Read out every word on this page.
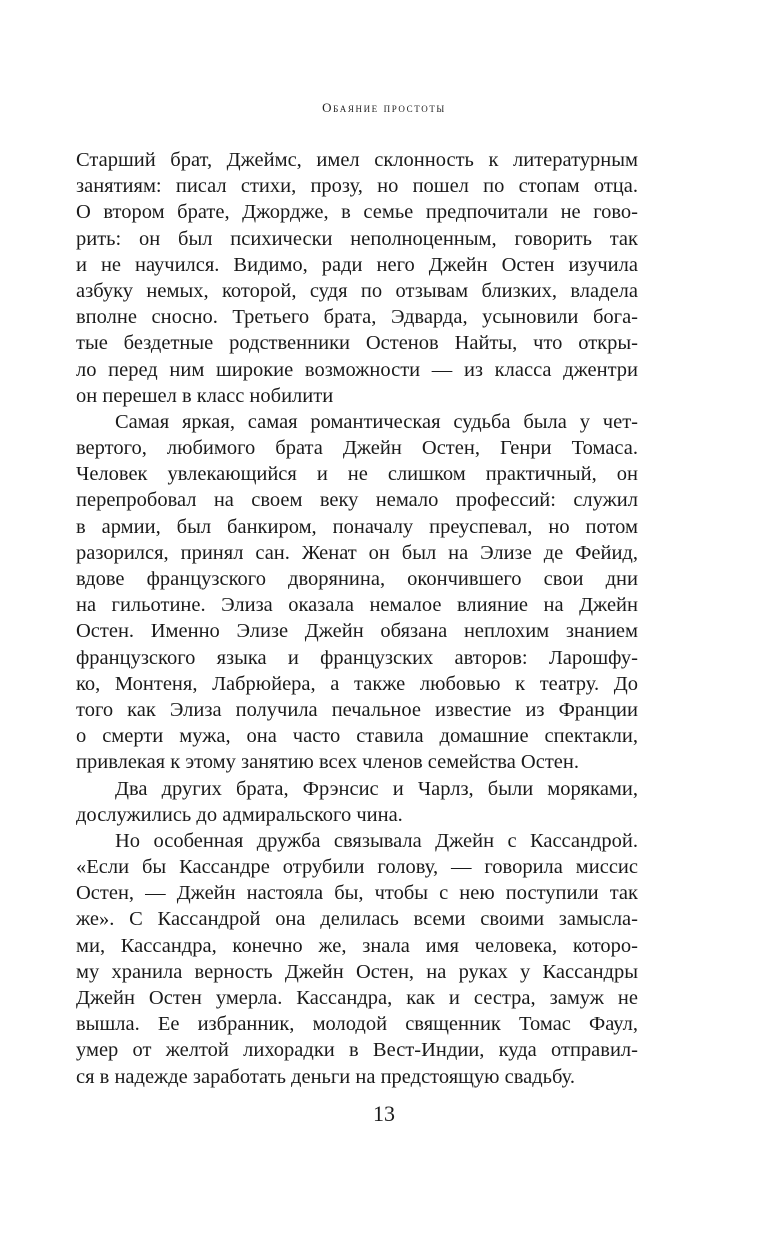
Обаяние простоты
Старший брат, Джеймс, имел склонность к литературным
занятиям: писал стихи, прозу, но пошел по стопам отца.
О втором брате, Джордже, в семье предпочитали не гово-
рить: он был психически неполноценным, говорить так
и не научился. Видимо, ради него Джейн Остен изучила
азбуку немых, которой, судя по отзывам близких, владела
вполне сносно. Третьего брата, Эдварда, усыновили бога-
тые бездетные родственники Остенов Найты, что откры-
ло перед ним широкие возможности — из класса джентри
он перешел в класс нобилити
Самая яркая, самая романтическая судьба была у чет-
вертого, любимого брата Джейн Остен, Генри Томаса.
Человек увлекающийся и не слишком практичный, он
перепробовал на своем веку немало профессий: служил
в армии, был банкиром, поначалу преуспевал, но потом
разорился, принял сан. Женат он был на Элизе де Фейид,
вдове французского дворянина, окончившего свои дни
на гильотине. Элиза оказала немалое влияние на Джейн
Остен. Именно Элизе Джейн обязана неплохим знанием
французского языка и французских авторов: Ларошфу-
ко, Монтеня, Лабрюйера, а также любовью к театру. До
того как Элиза получила печальное известие из Франции
о смерти мужа, она часто ставила домашние спектакли,
привлекая к этому занятию всех членов семейства Остен.
Два других брата, Фрэнсис и Чарлз, были моряками,
дослужились до адмиральского чина.
Но особенная дружба связывала Джейн с Кассандрой.
«Если бы Кассандре отрубили голову, — говорила миссис
Остен, — Джейн настояла бы, чтобы с нею поступили так
же». С Кассандрой она делилась всеми своими замысла-
ми, Кассандра, конечно же, знала имя человека, которо-
му хранила верность Джейн Остен, на руках у Кассандры
Джейн Остен умерла. Кассандра, как и сестра, замуж не
вышла. Ее избранник, молодой священник Томас Фаул,
умер от желтой лихорадки в Вест-Индии, куда отправил-
ся в надежде заработать деньги на предстоящую свадьбу.
13
